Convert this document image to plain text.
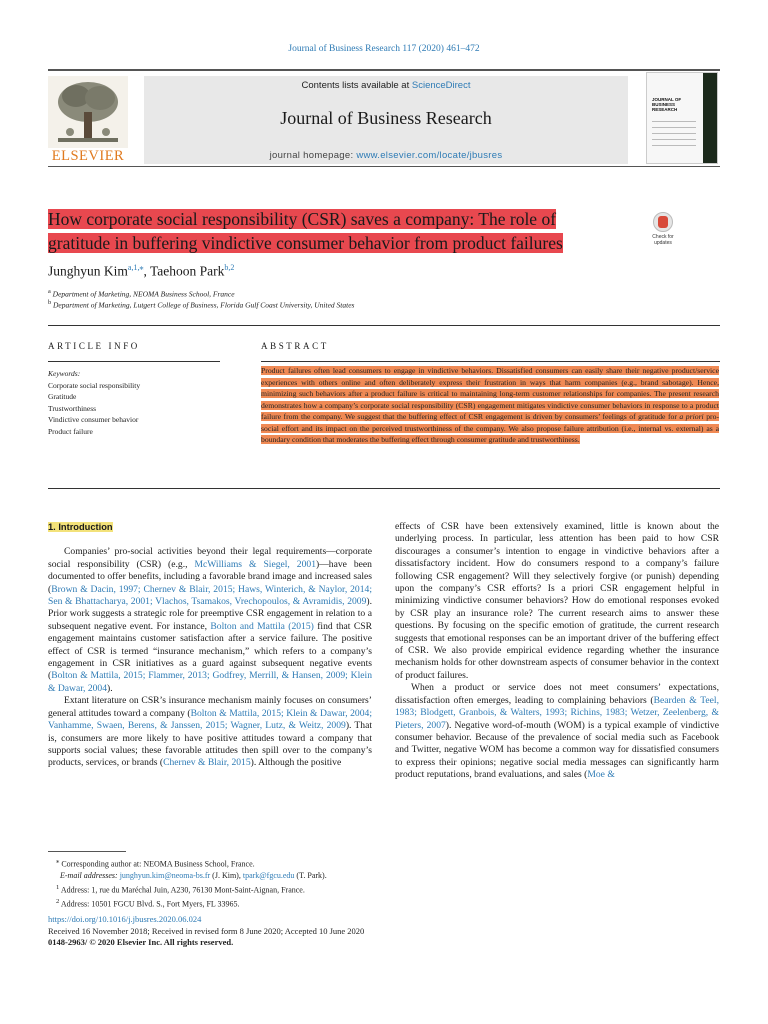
Journal of Business Research 117 (2020) 461–472
ELSEVIER
Contents lists available at ScienceDirect
Journal of Business Research
journal homepage: www.elsevier.com/locate/jbusres
JOURNAL OF BUSINESS RESEARCH
How corporate social responsibility (CSR) saves a company: The role of gratitude in buffering vindictive consumer behavior from product failures	Check for updates
Junghyun Kim$^{a,1,⁎}$, Taehoon Park$^{b,2}$
$^a$ Department of Marketing, NEOMA Business School, France
$^b$ Department of Marketing, Lutgert College of Business, Florida Gulf Coast University, United States
ARTICLE INFO	ABSTRACT
Keywords:
Corporate social responsibility
Gratitude
Trustworthiness
Vindictive consumer behavior
Product failure
Product failures often lead consumers to engage in vindictive behaviors. Dissatisfied consumers can easily share their negative product/service experiences with others online and often deliberately express their frustration in ways that harm companies (e.g., brand sabotage). Hence, minimizing such behaviors after a product failure is critical to maintaining long-term customer relationships for companies. The present research demonstrates how a company’s corporate social responsibility (CSR) engagement mitigates vindictive consumer behaviors in response to a product failure from the company. We suggest that the buffering effect of CSR engagement is driven by consumers’ feelings of gratitude for a priori pro-social effort and its impact on the perceived trustworthiness of the company. We also propose failure attribution (i.e., internal vs. external) as a boundary condition that moderates the buffering effect through consumer gratitude and trustworthiness.

1. Introduction

Companies’ pro-social activities beyond their legal requirements—corporate social responsibility (CSR) (e.g., McWilliams & Siegel, 2001)—have been documented to offer benefits, including a favorable brand image and increased sales (Brown & Dacin, 1997; Chernev & Blair, 2015; Haws, Winterich, & Naylor, 2014; Sen & Bhattacharya, 2001; Vlachos, Tsamakos, Vrechopoulos, & Avramidis, 2009). Prior work suggests a strategic role for preemptive CSR engagement in relation to a subsequent negative event. For instance, Bolton and Mattila (2015) find that CSR engagement maintains customer satisfaction after a service failure. The positive effect of CSR is termed “insurance mechanism,” which refers to a company’s engagement in CSR initiatives as a guard against subsequent negative events (Bolton & Mattila, 2015; Flammer, 2013; Godfrey, Merrill, & Hansen, 2009; Klein & Dawar, 2004).

Extant literature on CSR’s insurance mechanism mainly focuses on consumers’ general attitudes toward a company (Bolton & Mattila, 2015; Klein & Dawar, 2004; Vanhamme, Swaen, Berens, & Janssen, 2015; Wagner, Lutz, & Weitz, 2009). That is, consumers are more likely to have positive attitudes toward a company that supports social values; these favorable attitudes then spill over to the company’s products, services, or brands (Chernev & Blair, 2015). Although the positive

effects of CSR have been extensively examined, little is known about the underlying process. In particular, less attention has been paid to how CSR discourages a consumer’s intention to engage in vindictive behaviors after a dissatisfactory incident. How do consumers respond to a company’s failure following CSR engagement? Will they selectively forgive (or punish) depending upon the company’s CSR efforts? Is a priori CSR engagement helpful in minimizing vindictive consumer behaviors? How do emotional responses evoked by CSR play an insurance role? The current research aims to answer these questions. By focusing on the specific emotion of gratitude, the current research suggests that emotional responses can be an important driver of the buffering effect of CSR. We also provide empirical evidence regarding whether the insurance mechanism holds for other downstream aspects of consumer behavior in the context of product failures.

When a product or service does not meet consumers’ expectations, dissatisfaction often emerges, leading to complaining behaviors (Bearden & Teel, 1983; Blodgett, Granbois, & Walters, 1993; Richins, 1983; Wetzer, Zeelenberg, & Pieters, 2007). Negative word-of-mouth (WOM) is a typical example of vindictive consumer behavior. Because of the prevalence of social media such as Facebook and Twitter, negative WOM has become a common way for dissatisfied consumers to express their opinions; negative social media messages can significantly harm product reputations, brand evaluations, and sales (Moe &

⁎ Corresponding author at: NEOMA Business School, France.
E-mail addresses: junghyun.kim@neoma-bs.fr (J. Kim), tpark@fgcu.edu (T. Park).
$^1$ Address: 1, rue du Maréchal Juin, A230, 76130 Mont-Saint-Aignan, France.
$^2$ Address: 10501 FGCU Blvd. S., Fort Myers, FL 33965.
https://doi.org/10.1016/j.jbusres.2020.06.024
Received 16 November 2018; Received in revised form 8 June 2020; Accepted 10 June 2020
0148-2963/ © 2020 Elsevier Inc. All rights reserved.
